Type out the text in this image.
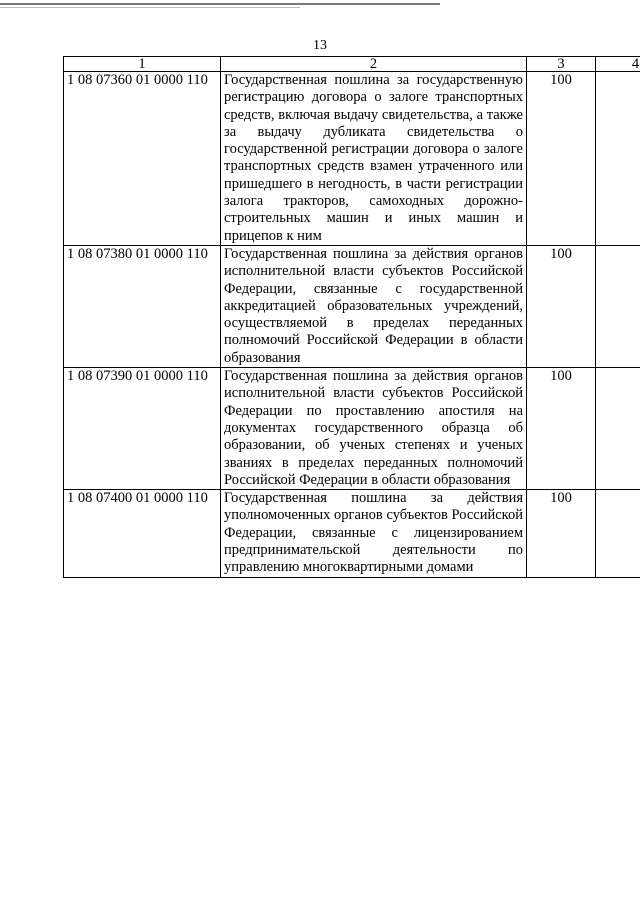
13
1	2	3	4
1 08 07360 01 0000 110	Государственная пошлина за государственную регистрацию договора о залоге транспортных средств, включая выдачу свидетельства, а также за выдачу дубликата свидетельства о государственной регистрации договора о залоге транспортных средств взамен утраченного или пришедшего в негодность, в части регистрации залога тракторов, самоходных дорожно-строительных машин и иных машин и прицепов к ним	100	
1 08 07380 01 0000 110	Государственная пошлина за действия органов исполнительной власти субъектов Российской Федерации, связанные с государственной аккредитацией образовательных учреждений, осуществляемой в пределах переданных полномочий Российской Федерации в области образования	100	
1 08 07390 01 0000 110	Государственная пошлина за действия органов исполнительной власти субъектов Российской Федерации по проставлению апостиля на документах государственного образца об образовании, об ученых степенях и ученых званиях в пределах переданных полномочий Российской Федерации в области образования	100	
1 08 07400 01 0000 110	Государственная пошлина за действия уполномоченных органов субъектов Российской Федерации, связанные с лицензированием предпринимательской деятельности по управлению многоквартирными домами	100	
